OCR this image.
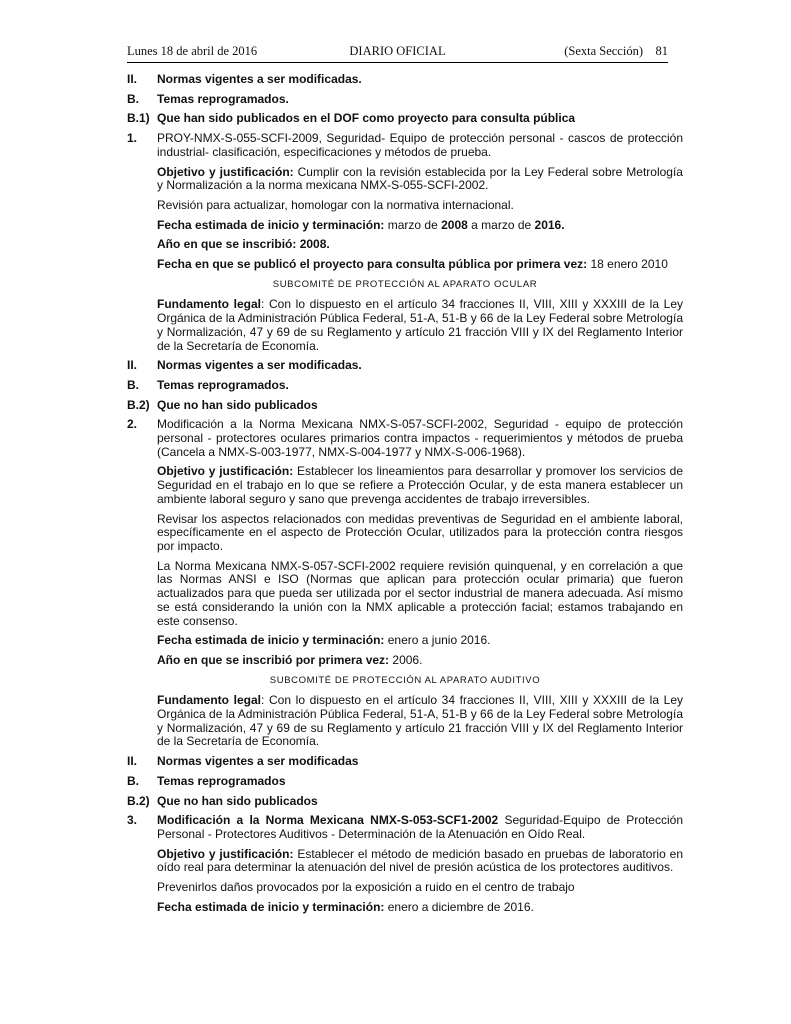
Lunes 18 de abril de 2016	DIARIO OFICIAL	(Sexta Sección) 81
II.	Normas vigentes a ser modificadas.
B.	Temas reprogramados.
B.1) Que han sido publicados en el DOF como proyecto para consulta pública
1.	PROY-NMX-S-055-SCFI-2009, Seguridad- Equipo de protección personal - cascos de protección industrial- clasificación, especificaciones y métodos de prueba.
Objetivo y justificación: Cumplir con la revisión establecida por la Ley Federal sobre Metrología y Normalización a la norma mexicana NMX-S-055-SCFI-2002.
Revisión para actualizar, homologar con la normativa internacional.
Fecha estimada de inicio y terminación: marzo de 2008 a marzo de 2016.
Año en que se inscribió: 2008.
Fecha en que se publicó el proyecto para consulta pública por primera vez: 18 enero 2010
SUBCOMITÉ DE PROTECCIÓN AL APARATO OCULAR
Fundamento legal: Con lo dispuesto en el artículo 34 fracciones II, VIII, XIII y XXXIII de la Ley Orgánica de la Administración Pública Federal, 51-A, 51-B y 66 de la Ley Federal sobre Metrología y Normalización, 47 y 69 de su Reglamento y artículo 21 fracción VIII y IX del Reglamento Interior de la Secretaría de Economía.
II.	Normas vigentes a ser modificadas.
B.	Temas reprogramados.
B.2) Que no han sido publicados
2.	Modificación a la Norma Mexicana NMX-S-057-SCFI-2002, Seguridad - equipo de protección personal - protectores oculares primarios contra impactos - requerimientos y métodos de prueba (Cancela a NMX-S-003-1977, NMX-S-004-1977 y NMX-S-006-1968).
Objetivo y justificación: Establecer los lineamientos para desarrollar y promover los servicios de Seguridad en el trabajo en lo que se refiere a Protección Ocular, y de esta manera establecer un ambiente laboral seguro y sano que prevenga accidentes de trabajo irreversibles.
Revisar los aspectos relacionados con medidas preventivas de Seguridad en el ambiente laboral, específicamente en el aspecto de Protección Ocular, utilizados para la protección contra riesgos por impacto.
La Norma Mexicana NMX-S-057-SCFI-2002 requiere revisión quinquenal, y en correlación a que las Normas ANSI e ISO (Normas que aplican para protección ocular primaria) que fueron actualizados para que pueda ser utilizada por el sector industrial de manera adecuada. Así mismo se está considerando la unión con la NMX aplicable a protección facial; estamos trabajando en este consenso.
Fecha estimada de inicio y terminación: enero a junio 2016.
Año en que se inscribió por primera vez: 2006.
SUBCOMITÉ DE PROTECCIÓN AL APARATO AUDITIVO
Fundamento legal: Con lo dispuesto en el artículo 34 fracciones II, VIII, XIII y XXXIII de la Ley Orgánica de la Administración Pública Federal, 51-A, 51-B y 66 de la Ley Federal sobre Metrología y Normalización, 47 y 69 de su Reglamento y artículo 21 fracción VIII y IX del Reglamento Interior de la Secretaría de Economía.
II.	Normas vigentes a ser modificadas
B.	Temas reprogramados
B.2) Que no han sido publicados
3.	Modificación a la Norma Mexicana NMX-S-053-SCF1-2002 Seguridad-Equipo de Protección Personal - Protectores Auditivos - Determinación de la Atenuación en Oído Real.
Objetivo y justificación: Establecer el método de medición basado en pruebas de laboratorio en oído real para determinar la atenuación del nivel de presión acústica de los protectores auditivos.
Prevenirlos daños provocados por la exposición a ruido en el centro de trabajo
Fecha estimada de inicio y terminación: enero a diciembre de 2016.
